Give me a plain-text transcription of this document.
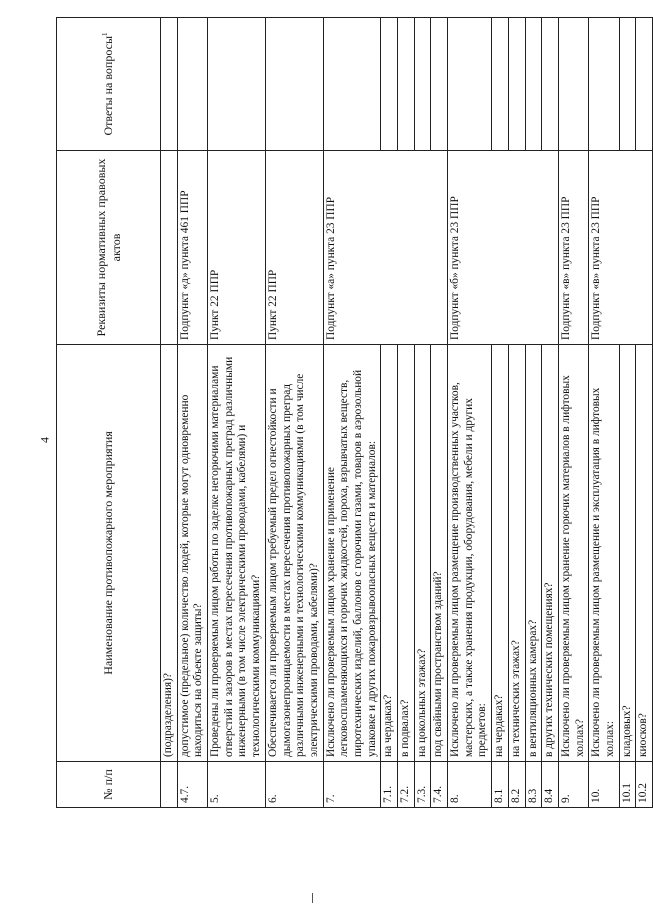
4
№ п/п	Наименование противопожарного мероприятия	Реквизиты нормативных правовых актов	Ответы на вопросы$^1$
	(подразделения)?		
4.7.	допустимое (предельное) количество людей, которые могут одновременно находиться на объекте защиты?	Подпункт «д» пункта 461 ППР	
5.	Проведены ли проверяемым лицом работы по заделке негорючими материалами отверстий и зазоров в местах пересечения противопожарных преград различными инженерными (в том числе электрическими проводами, кабелями) и технологическими коммуникациями?	Пункт 22 ППР	
6.	Обеспечивается ли проверяемым лицом требуемый предел огнестойкости и дымогазонепроницаемости в местах пересечения противопожарных преград различными инженерными и технологическими коммуникациями (в том числе электрическими проводами, кабелями)?	Пункт 22 ППР	
7.	Исключено ли проверяемым лицом хранение и применение легковоспламеняющихся и горючих жидкостей, пороха, взрывчатых веществ, пиротехнических изделий, баллонов с горючими газами, товаров в аэрозольной упаковке и других пожаровзрывоопасных веществ и материалов:	Подпункт «а» пункта 23 ППР	
7.1.	на чердаках?		
7.2.	в подвалах?		
7.3.	на цокольных этажах?		
7.4.	под свайными пространством зданий?		
8.	Исключено ли проверяемым лицом размещение производственных участков, мастерских, а также хранения продукции, оборудования, мебели и других предметов:	Подпункт «б» пункта 23 ППР	
8.1	на чердаках?		
8.2	на технических этажах?		
8.3	в вентиляционных камерах?		
8.4	в других технических помещениях?		
9.	Исключено ли проверяемым лицом хранение горючих материалов в лифтовых холлах?	Подпункт «в» пункта 23 ППР	
10.	Исключено ли проверяемым лицом размещение и эксплуатация в лифтовых холлах:	Подпункт «в» пункта 23 ППР	
10.1	кладовых?		
10.2	киосков?		
